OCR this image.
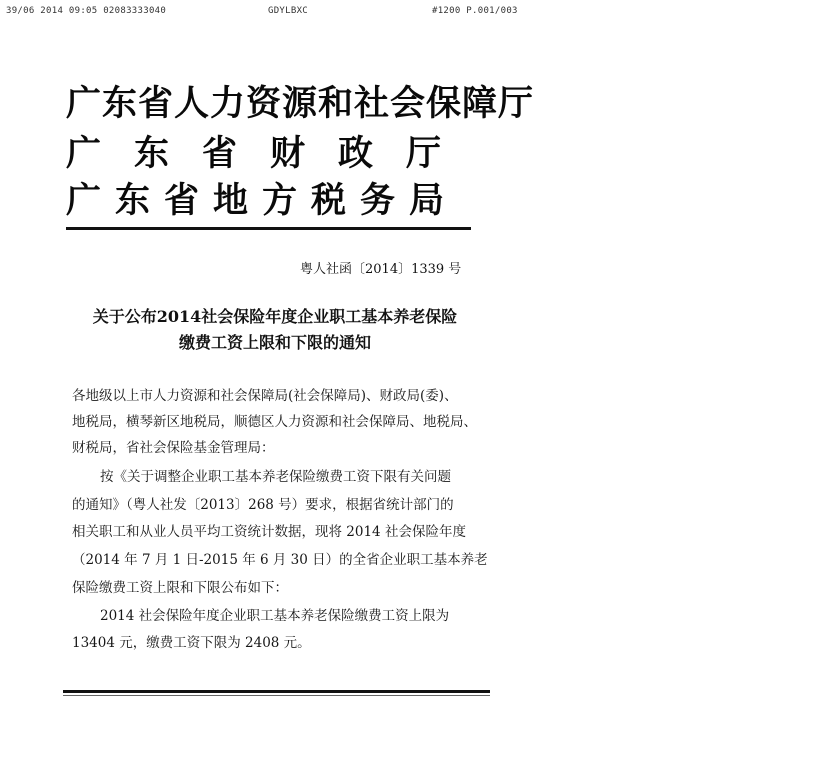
39/06 2014 09:05 02083333040	GDYLBXC	#1200 P.001/003
广东省人力资源和社会保障厅
广东省财政厅
广东省地方税务局
粤人社函〔2014〕1339 号
关于公布2014社会保险年度企业职工基本养老保险
缴费工资上限和下限的通知
各地级以上市人力资源和社会保障局(社会保障局)、财政局(委)、
地税局，横琴新区地税局，顺德区人力资源和社会保障局、地税局、
财税局，省社会保险基金管理局：
按《关于调整企业职工基本养老保险缴费工资下限有关问题
的通知》（粤人社发〔2013〕268 号）要求，根据省统计部门的
相关职工和从业人员平均工资统计数据，现将 2014 社会保险年度
（2014 年 7 月 1 日-2015 年 6 月 30 日）的全省企业职工基本养老
保险缴费工资上限和下限公布如下：
2014 社会保险年度企业职工基本养老保险缴费工资上限为
13404 元，缴费工资下限为 2408 元。
